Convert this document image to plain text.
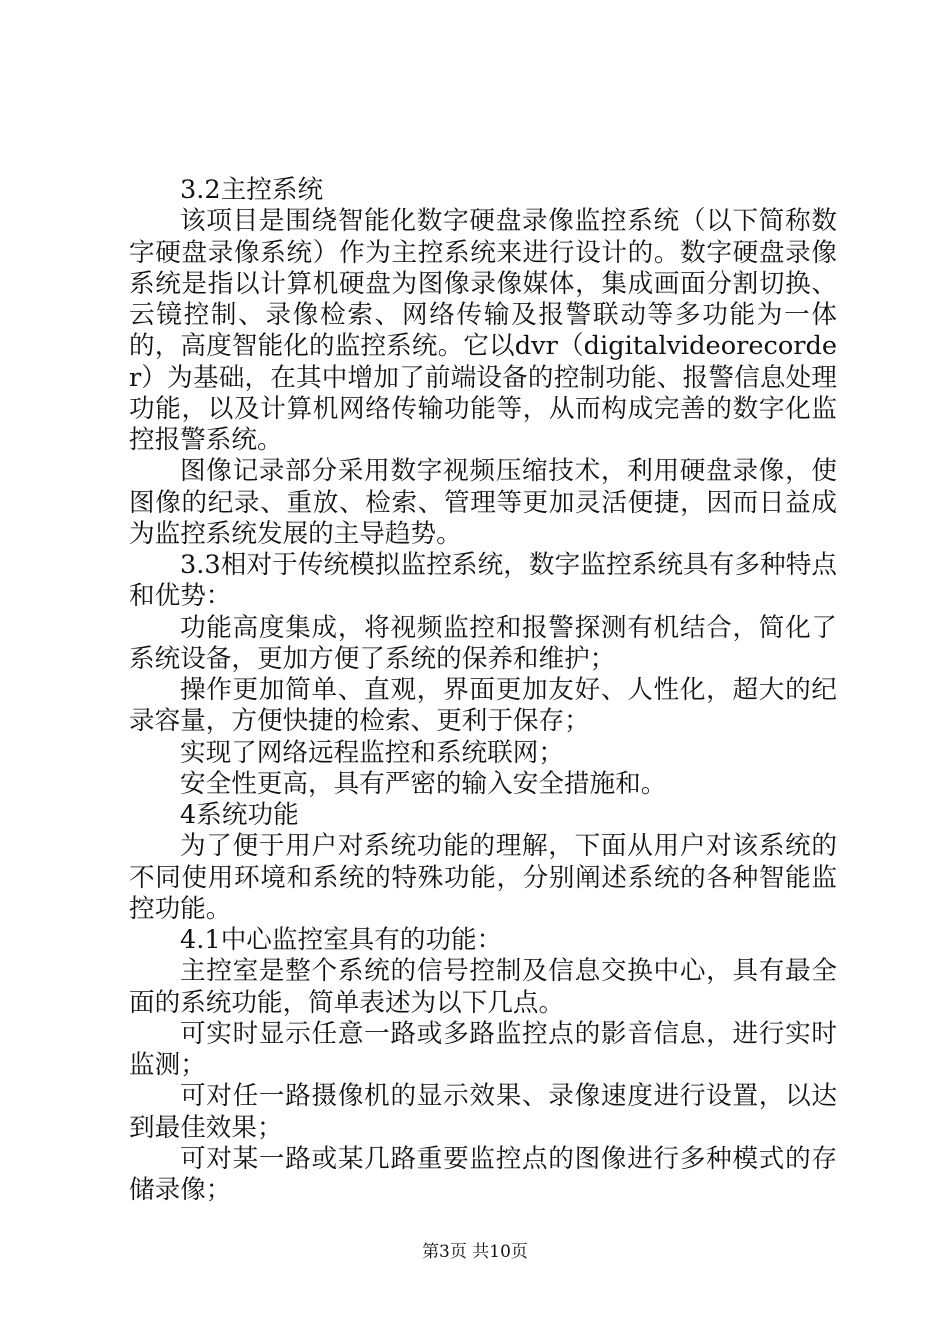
3.2主控系统

该项目是围绕智能化数字硬盘录像监控系统（以下简称数字硬盘录像系统）作为主控系统来进行设计的。数字硬盘录像系统是指以计算机硬盘为图像录像媒体，集成画面分割切换、云镜控制、录像检索、网络传输及报警联动等多功能为一体的，高度智能化的监控系统。它以dvr（digitalvideorecorder）为基础，在其中增加了前端设备的控制功能、报警信息处理功能，以及计算机网络传输功能等，从而构成完善的数字化监控报警系统。

图像记录部分采用数字视频压缩技术，利用硬盘录像，使图像的纪录、重放、检索、管理等更加灵活便捷，因而日益成为监控系统发展的主导趋势。

3.3相对于传统模拟监控系统，数字监控系统具有多种特点和优势：

功能高度集成，将视频监控和报警探测有机结合，简化了系统设备，更加方便了系统的保养和维护；

操作更加简单、直观，界面更加友好、人性化，超大的纪录容量，方便快捷的检索、更利于保存；

实现了网络远程监控和系统联网；

安全性更高，具有严密的输入安全措施和。

4系统功能

为了便于用户对系统功能的理解，下面从用户对该系统的不同使用环境和系统的特殊功能，分别阐述系统的各种智能监控功能。

4.1中心监控室具有的功能：

主控室是整个系统的信号控制及信息交换中心，具有最全面的系统功能，简单表述为以下几点。

可实时显示任意一路或多路监控点的影音信息，进行实时监测；

可对任一路摄像机的显示效果、录像速度进行设置，以达到最佳效果；

可对某一路或某几路重要监控点的图像进行多种模式的存储录像；

第3页 共10页
